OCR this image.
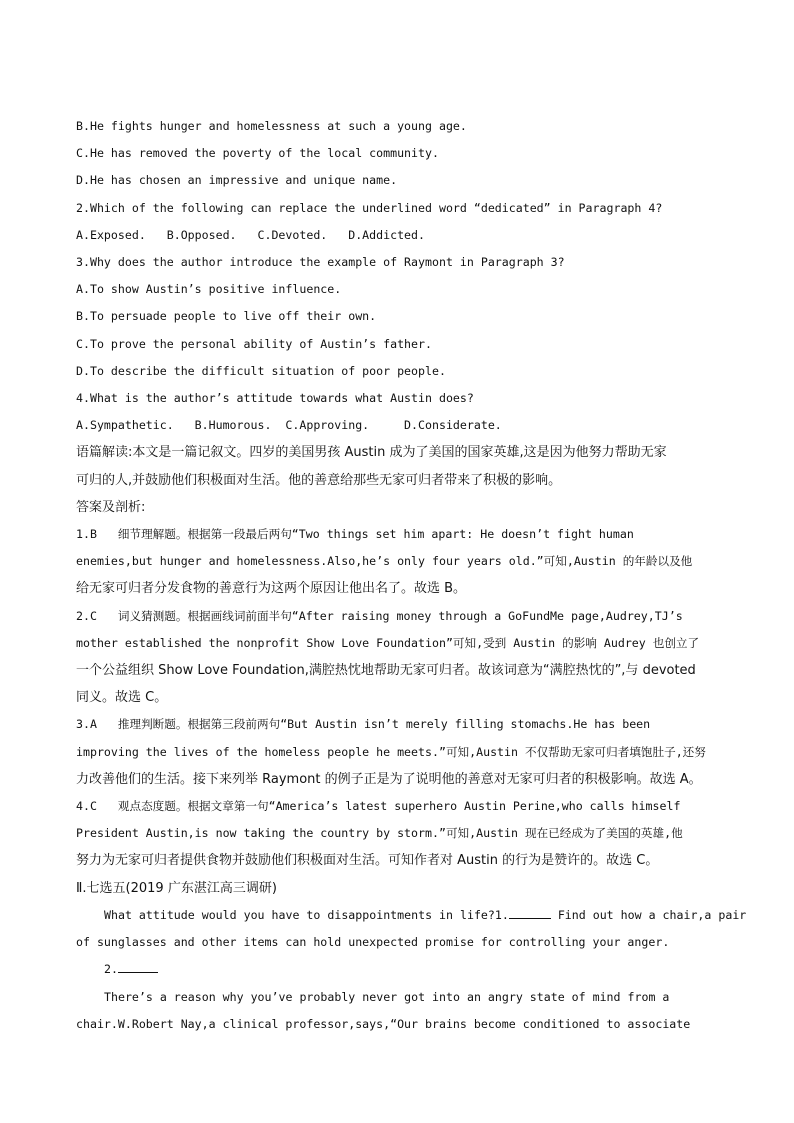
B.He fights hunger and homelessness at such a young age.

C.He has removed the poverty of the local community.

D.He has chosen an impressive and unique name.

2.Which of the following can replace the underlined word “dedicated” in Paragraph 4?

A.Exposed.   B.Opposed.   C.Devoted.   D.Addicted.

3.Why does the author introduce the example of Raymont in Paragraph 3?

A.To show Austin’s positive influence.

B.To persuade people to live off their own.

C.To prove the personal ability of Austin’s father.

D.To describe the difficult situation of poor people.

4.What is the author’s attitude towards what Austin does?

A.Sympathetic.   B.Humorous.  C.Approving.     D.Considerate.

语篇解读:本文是一篇记叙文。四岁的美国男孩 Austin 成为了美国的国家英雄,这是因为他努力帮助无家

可归的人,并鼓励他们积极面对生活。他的善意给那些无家可归者带来了积极的影响。

答案及剖析:

1.B   细节理解题。根据第一段最后两句“Two things set him apart: He doesn’t fight human

enemies,but hunger and homelessness.Also,he’s only four years old.”可知,Austin 的年龄以及他

给无家可归者分发食物的善意行为这两个原因让他出名了。故选 B。

2.C   词义猜测题。根据画线词前面半句“After raising money through a GoFundMe page,Audrey,TJ’s

mother established the nonprofit Show Love Foundation”可知,受到 Austin 的影响 Audrey 也创立了

一个公益组织 Show Love Foundation,满腔热忱地帮助无家可归者。故该词意为“满腔热忱的”,与 devoted

同义。故选 C。

3.A   推理判断题。根据第三段前两句“But Austin isn’t merely filling stomachs.He has been

improving the lives of the homeless people he meets.”可知,Austin 不仅帮助无家可归者填饱肚子,还努

力改善他们的生活。接下来列举 Raymont 的例子正是为了说明他的善意对无家可归者的积极影响。故选 A。

4.C   观点态度题。根据文章第一句“America’s latest superhero Austin Perine,who calls himself

President Austin,is now taking the country by storm.”可知,Austin 现在已经成为了美国的英雄,他

努力为无家可归者提供食物并鼓励他们积极面对生活。可知作者对 Austin 的行为是赞许的。故选 C。

Ⅱ.七选五(2019 广东湛江高三调研)

What attitude would you have to disappointments in life?1.	Find out how a chair,a pair

of sunglasses and other items can hold unexpected promise for controlling your anger.

2.

There’s a reason why you’ve probably never got into an angry state of mind from a

chair.W.Robert Nay,a clinical professor,says,“Our brains become conditioned to associate
